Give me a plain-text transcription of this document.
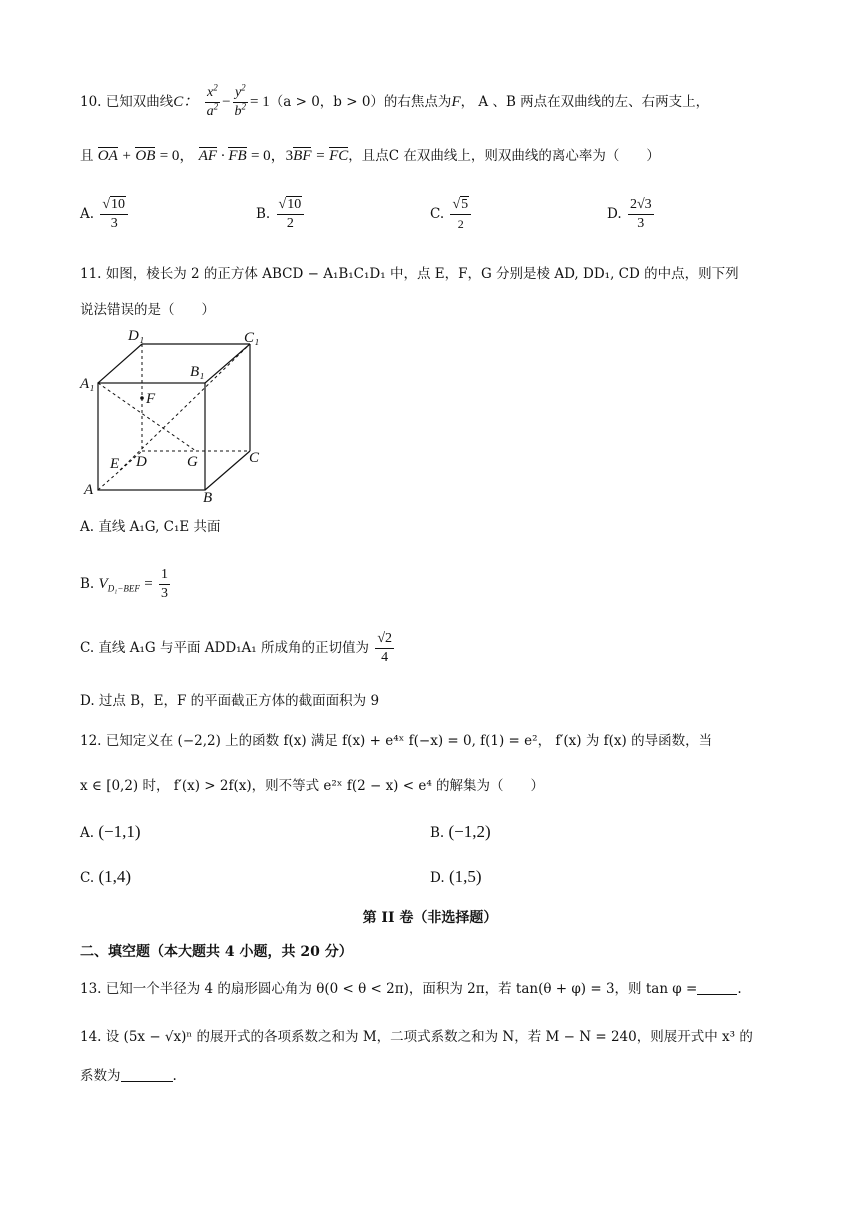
10. 已知双曲线C： $\frac{x^2}{a^2} - \frac{y^2}{b^2} = 1(a > 0$，b > 0）的右焦点为F， A 、B 两点在双曲线的左、右两支上，
且 OA + OB = 0， AF · FB = 0，3BF = FC，且点C 在双曲线上，则双曲线的离心率为（　　）
A. $\frac{√10}{3}$	B. $\frac{√10}{2}$	C. $\frac{√5}{2}$	D. $\frac{2√3}{3}$
11. 如图，棱长为 2 的正方体 ABCD − A₁B₁C₁D₁ 中，点 E，F，G 分别是棱 AD, DD₁, CD 的中点，则下列
说法错误的是（　　）
D₁	C₁
A₁
B₁
F
E D	G	C
A	B
A. 直线 A₁G, C₁E 共面
B. $V_{D_1-BEF} = \frac{1}{3}$
C. 直线 A₁G 与平面 ADD₁A₁ 所成角的正切值为 $\frac{√2}{4}$
D. 过点 B，E，F 的平面截正方体的截面面积为 9
12. 已知定义在 (−2,2) 上的函数 f(x) 满足 f(x) + e⁴ˣ f(−x) = 0, f(1) = e²， f′(x) 为 f(x) 的导函数，当
x ∈ [0,2) 时， f′(x) > 2f(x)，则不等式 e²ˣ f(2 − x) < e⁴ 的解集为（　　）
A. (−1,1)	B. (−1,2)
C. (1,4)	D. (1,5)
第 II 卷（非选择题）
二、填空题（本大题共 4 小题，共 20 分）
13. 已知一个半径为 4 的扇形圆心角为 θ(0 < θ < 2π)，面积为 2π，若 tan(θ + φ) = 3，则 tan φ =	.
14. 设 (5x − √x)ⁿ 的展开式的各项系数之和为 M，二项式系数之和为 N，若 M − N = 240，则展开式中 x³ 的
系数为	.
